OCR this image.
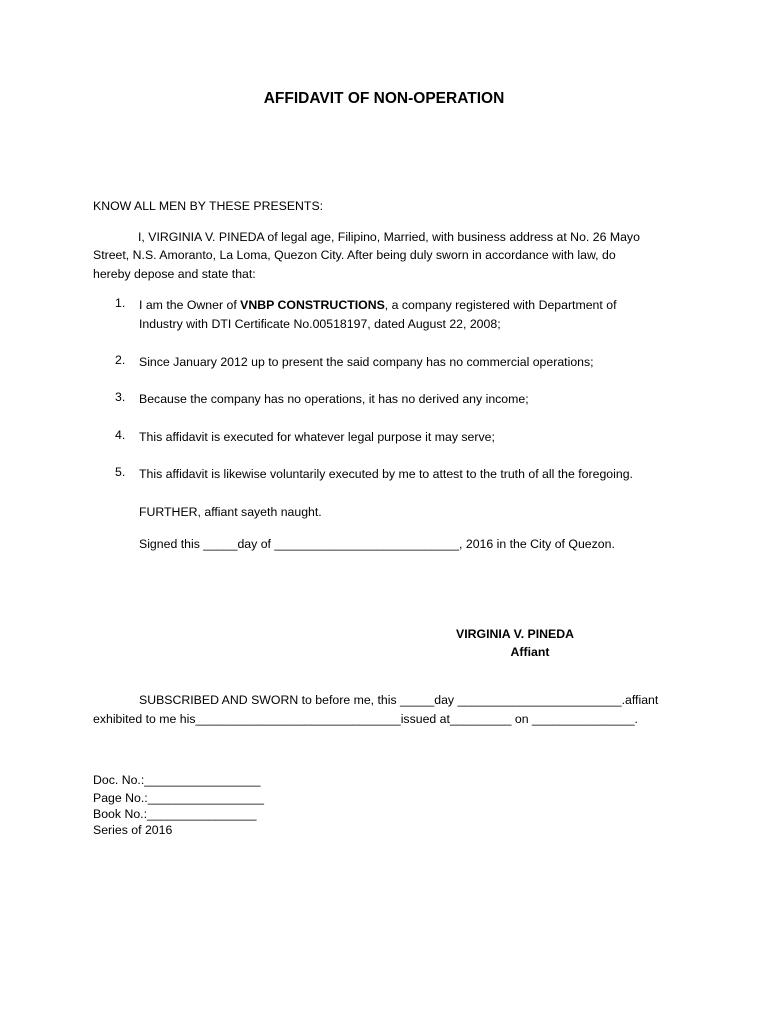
AFFIDAVIT OF NON-OPERATION
KNOW ALL MEN BY THESE PRESENTS:
I, VIRGINIA V. PINEDA of legal age, Filipino, Married, with business address at No. 26 Mayo
Street, N.S. Amoranto, La Loma, Quezon City. After being duly sworn in accordance with law, do
hereby depose and state that:
1. I am the Owner of VNBP CONSTRUCTIONS, a company registered with Department of
Industry with DTI Certificate No.00518197, dated August 22, 2008;
2. Since January 2012 up to present the said company has no commercial operations;
3. Because the company has no operations, it has no derived any income;
4. This affidavit is executed for whatever legal purpose it may serve;
5. This affidavit is likewise voluntarily executed by me to attest to the truth of all the foregoing.
FURTHER, affiant sayeth naught.
Signed this _____day of ___________________________, 2016 in the City of Quezon.
VIRGINIA V. PINEDA
Affiant
SUBSCRIBED AND SWORN to before me, this _____day ________________________.affiant
exhibited to me his______________________________issued at_________ on _______________.
Doc. No.:_________________
Page No.:_________________
Book No.:________________
Series of 2016
